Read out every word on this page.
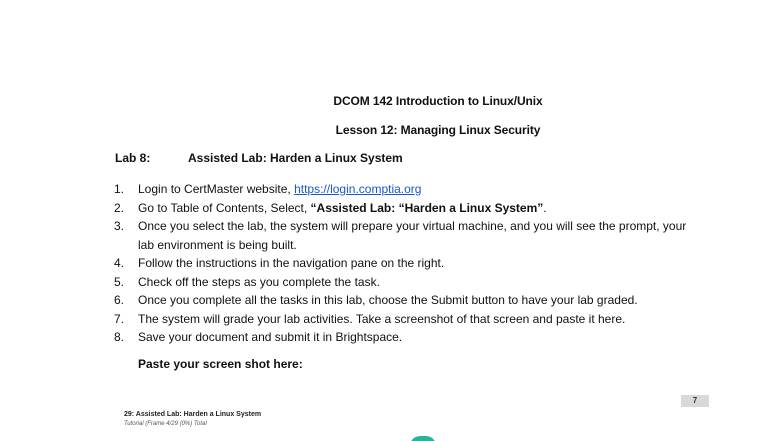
DCOM 142 Introduction to Linux/Unix
Lesson 12: Managing Linux Security
Lab 8:	Assisted Lab: Harden a Linux System
1.	Login to CertMaster website, https://login.comptia.org
2.	Go to Table of Contents, Select, “Assisted Lab: “Harden a Linux System”.
3.	Once you select the lab, the system will prepare your virtual machine, and you will see the prompt, your lab environment is being built.
4.	Follow the instructions in the navigation pane on the right.
5.	Check off the steps as you complete the task.
6.	Once you complete all the tasks in this lab, choose the Submit button to have your lab graded.
7.	The system will grade your lab activities. Take a screenshot of that screen and paste it here.
8.	Save your document and submit it in Brightspace.
Paste your screen shot here:
7
29: Assisted Lab: Harden a Linux System
Tutorial (Frame 4/29 (0%) Total
